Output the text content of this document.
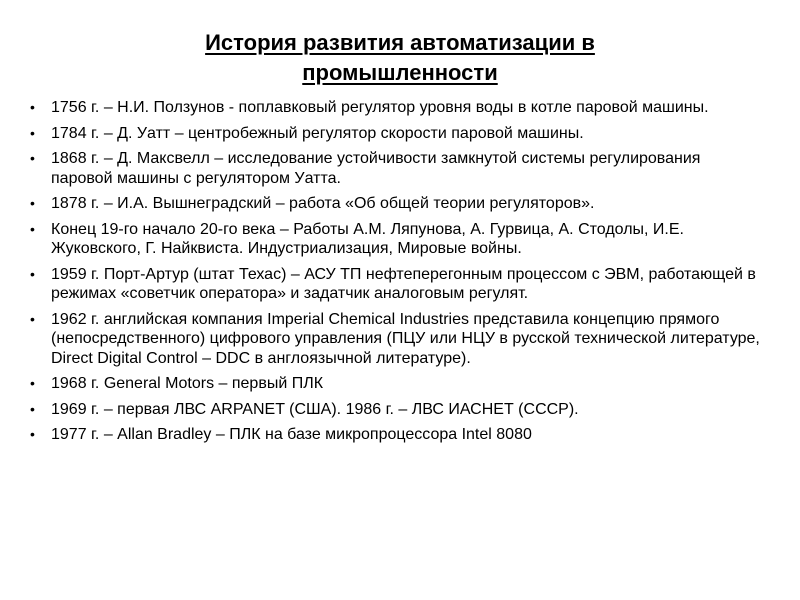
История развития автоматизации в
промышленности
• 1756 г. – Н.И. Ползунов - поплавковый регулятор уровня воды в котле паровой машины.
• 1784 г. – Д. Уатт – центробежный регулятор скорости паровой машины.
• 1868 г. – Д. Максвелл – исследование устойчивости замкнутой системы регулирования паровой машины с регулятором Уатта.
• 1878 г. – И.А. Вышнеградский – работа «Об общей теории регуляторов».
• Конец 19-го начало 20-го века – Работы А.М. Ляпунова, А. Гурвица, А. Стодолы, И.Е. Жуковского, Г. Найквиста. Индустриализация, Мировые войны.
• 1959 г. Порт-Артур (штат Техас) – АСУ ТП нефтеперегонным процессом с ЭВМ, работающей в режимах «советчик оператора» и задатчик аналоговым регулят.
• 1962 г. английская компания Imperial Chemical Industries представила концепцию прямого (непосредственного) цифрового управления (ПЦУ или НЦУ в русской технической литературе, Direct Digital Control – DDC в англоязычной литературе).
• 1968 г. General Motors – первый ПЛК
• 1969 г. – первая ЛВС ARPANET (США). 1986 г. – ЛВС ИАСНЕТ (СССР).
• 1977 г. – Allan Bradley – ПЛК на базе микропроцессора Intel 8080
